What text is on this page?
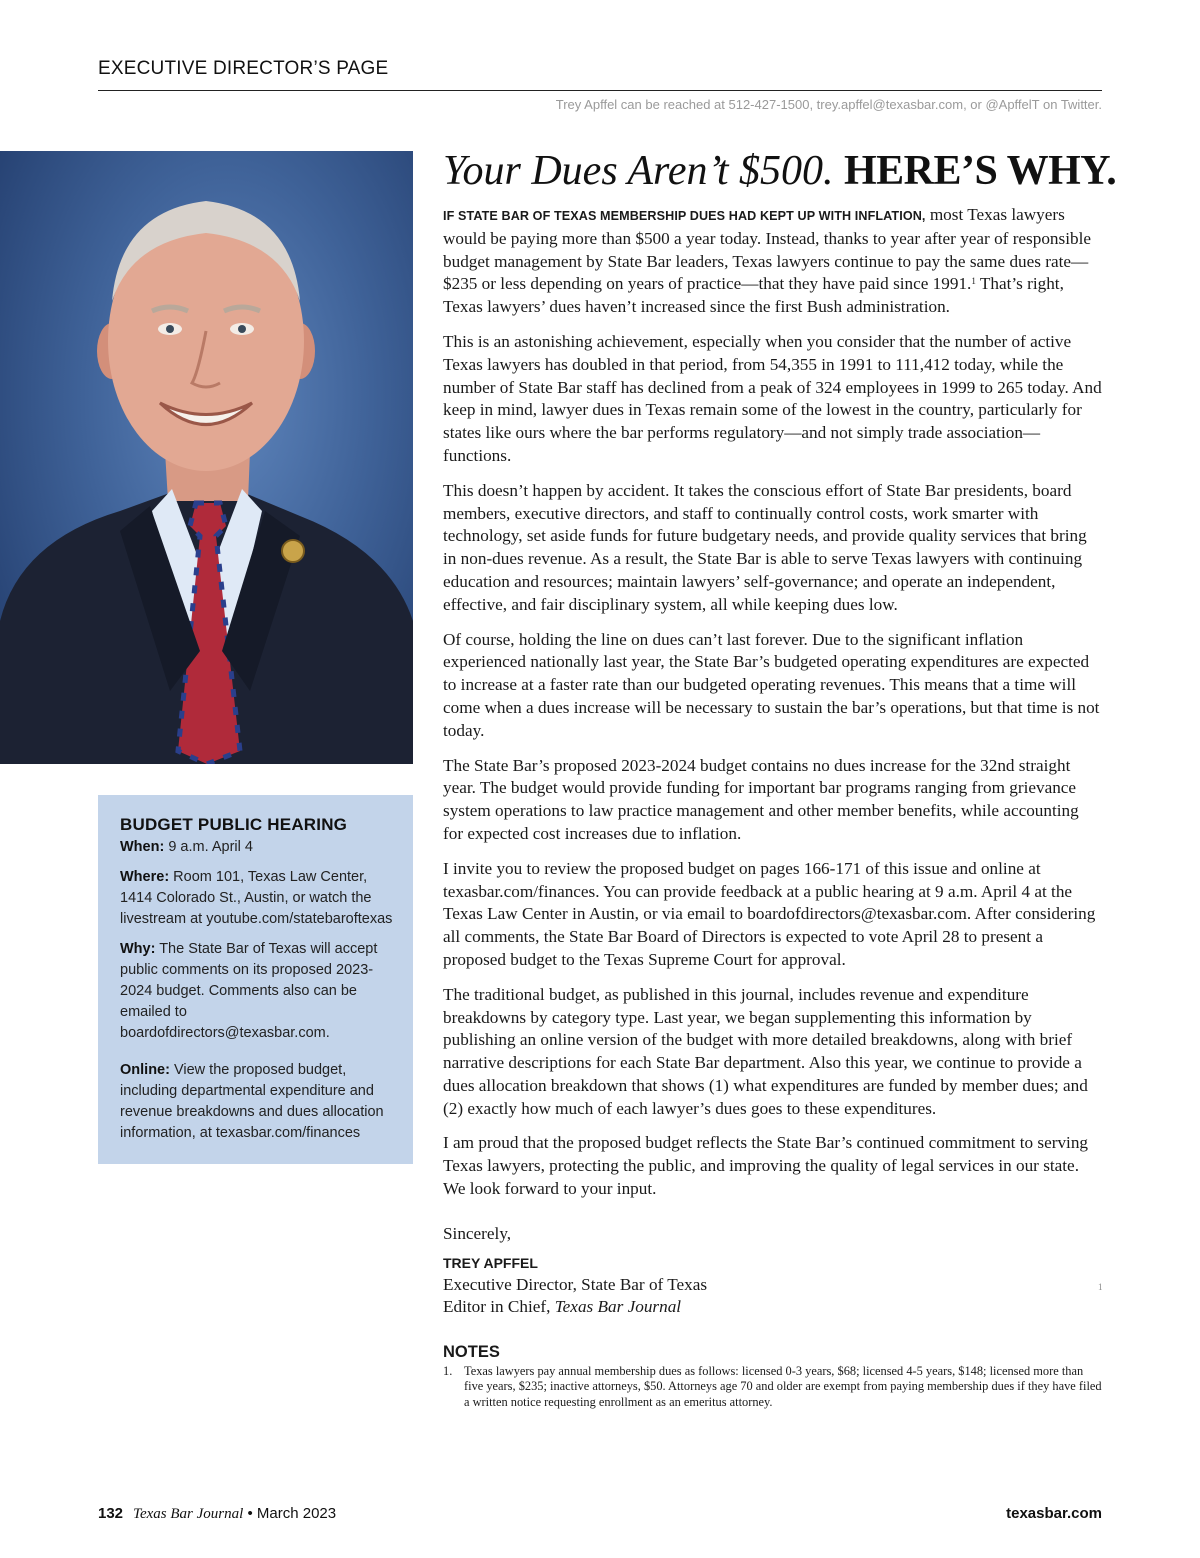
EXECUTIVE DIRECTOR’S PAGE
Trey Apffel can be reached at 512-427-1500, trey.apffel@texasbar.com, or @ApffelT on Twitter.
BUDGET PUBLIC HEARING

When: 9 a.m. April 4

Where: Room 101, Texas Law Center, 1414 Colorado St., Austin, or watch the livestream at youtube.com/statebaroftexas

Why: The State Bar of Texas will accept public comments on its proposed 2023-2024 budget. Comments also can be emailed to boardofdirectors@texasbar.com.

Online: View the proposed budget, including departmental expenditure and revenue breakdowns and dues allocation information, at texasbar.com/finances

Your Dues Aren’t $500. HERE’S WHY.

IF STATE BAR OF TEXAS MEMBERSHIP DUES HAD KEPT UP WITH INFLATION, most Texas lawyers would be paying more than $500 a year today. Instead, thanks to year after year of responsible budget management by State Bar leaders, Texas lawyers continue to pay the same dues rate—$235 or less depending on years of practice—that they have paid since 1991.$^1$ That’s right, Texas lawyers’ dues haven’t increased since the first Bush administration.

This is an astonishing achievement, especially when you consider that the number of active Texas lawyers has doubled in that period, from 54,355 in 1991 to 111,412 today, while the number of State Bar staff has declined from a peak of 324 employees in 1999 to 265 today. And keep in mind, lawyer dues in Texas remain some of the lowest in the country, particularly for states like ours where the bar performs regulatory—and not simply trade association—functions.

This doesn’t happen by accident. It takes the conscious effort of State Bar presidents, board members, executive directors, and staff to continually control costs, work smarter with technology, set aside funds for future budgetary needs, and provide quality services that bring in non-dues revenue. As a result, the State Bar is able to serve Texas lawyers with continuing education and resources; maintain lawyers’ self-governance; and operate an independent, effective, and fair disciplinary system, all while keeping dues low.

Of course, holding the line on dues can’t last forever. Due to the significant inflation experienced nationally last year, the State Bar’s budgeted operating expenditures are expected to increase at a faster rate than our budgeted operating revenues. This means that a time will come when a dues increase will be necessary to sustain the bar’s operations, but that time is not today.

The State Bar’s proposed 2023-2024 budget contains no dues increase for the 32nd straight year. The budget would provide funding for important bar programs ranging from grievance system operations to law practice management and other member benefits, while accounting for expected cost increases due to inflation.

I invite you to review the proposed budget on pages 166-171 of this issue and online at texasbar.com/finances. You can provide feedback at a public hearing at 9 a.m. April 4 at the Texas Law Center in Austin, or via email to boardofdirectors@texasbar.com. After considering all comments, the State Bar Board of Directors is expected to vote April 28 to present a proposed budget to the Texas Supreme Court for approval.

The traditional budget, as published in this journal, includes revenue and expenditure breakdowns by category type. Last year, we began supplementing this information by publishing an online version of the budget with more detailed breakdowns, along with brief narrative descriptions for each State Bar department. Also this year, we continue to provide a dues allocation breakdown that shows (1) what expenditures are funded by member dues; and (2) exactly how much of each lawyer’s dues goes to these expenditures.

I am proud that the proposed budget reflects the State Bar’s continued commitment to serving Texas lawyers, protecting the public, and improving the quality of legal services in our state. We look forward to your input.

Sincerely,

TREY APFFEL

Executive Director, State Bar of Texas

Editor in Chief, Texas Bar Journal

NOTES
1. Texas lawyers pay annual membership dues as follows: licensed 0-3 years, $68; licensed 4-5 years, $148; licensed more than five years, $235; inactive attorneys, $50. Attorneys age 70 and older are exempt from paying membership dues if they have filed a written notice requesting enrollment as an emeritus attorney.
1
132 Texas Bar Journal • March 2023	texasbar.com
